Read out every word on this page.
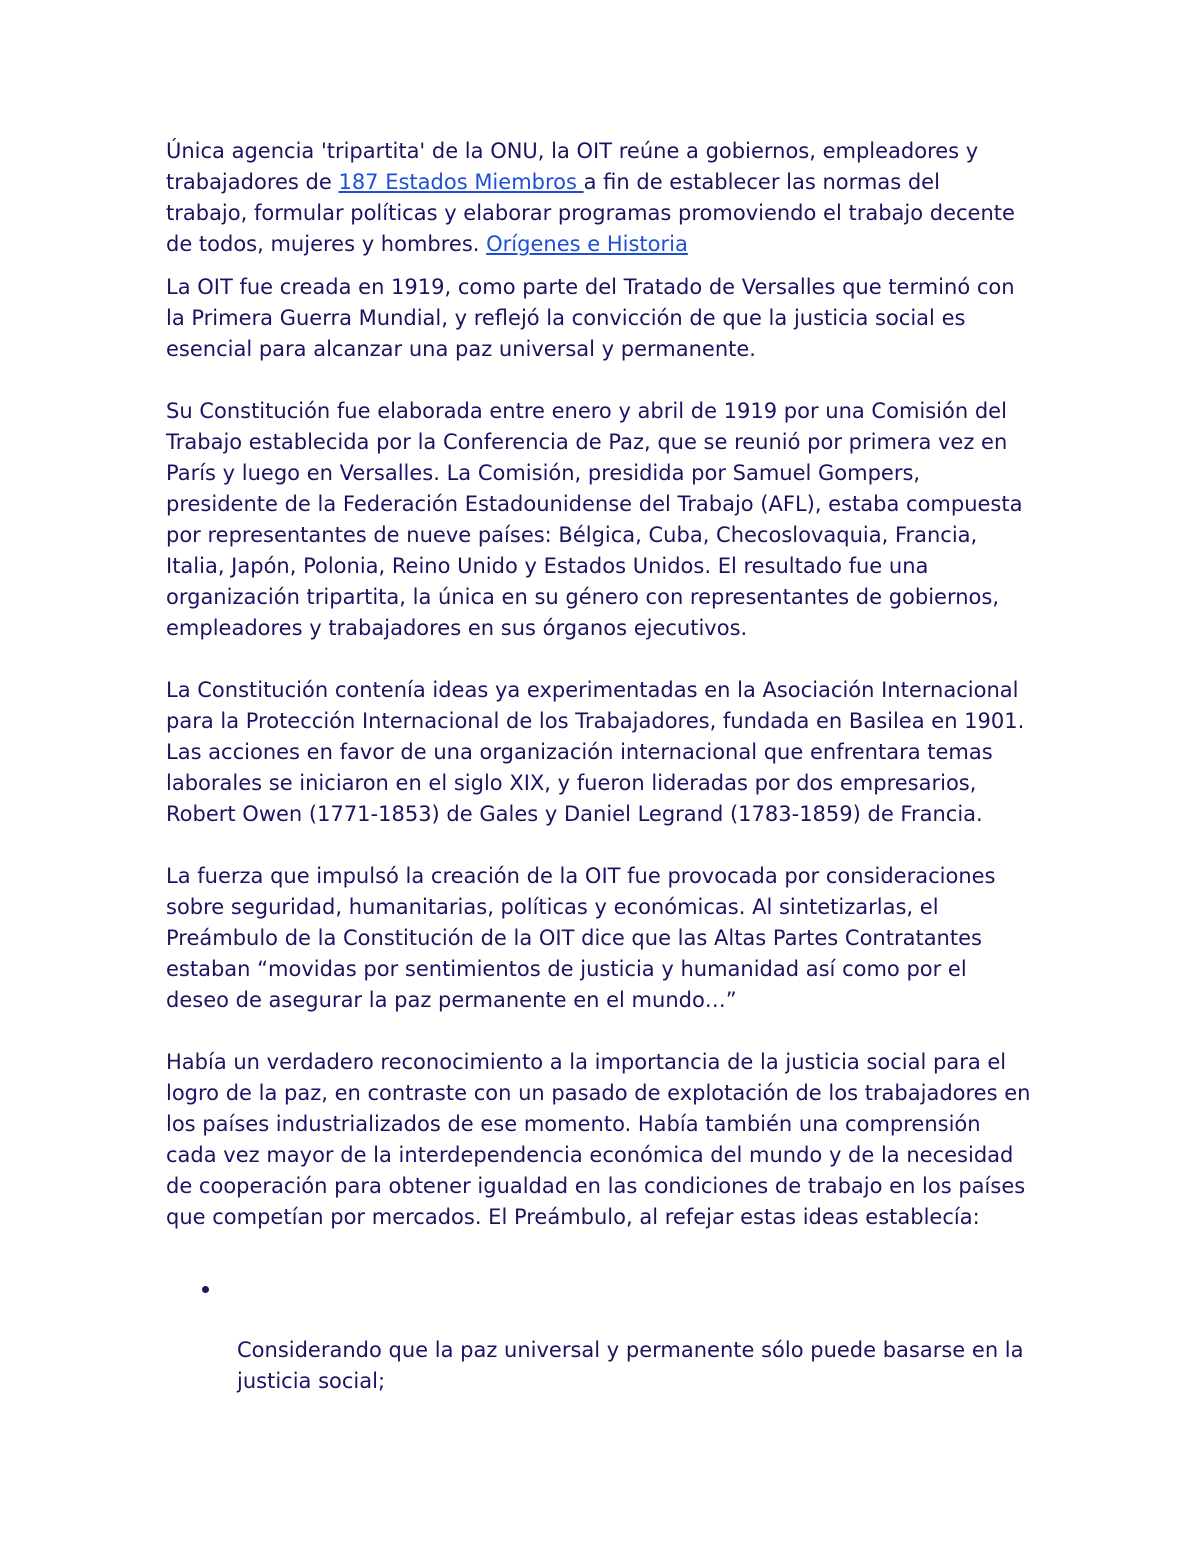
Única agencia 'tripartita' de la ONU, la OIT reúne a gobiernos, empleadores y
trabajadores de 187 Estados Miembros a fin de establecer las normas del
trabajo, formular políticas y elaborar programas promoviendo el trabajo decente
de todos, mujeres y hombres. Orígenes e Historia

La OIT fue creada en 1919, como parte del Tratado de Versalles que terminó con
la Primera Guerra Mundial, y reflejó la convicción de que la justicia social es
esencial para alcanzar una paz universal y permanente.

Su Constitución fue elaborada entre enero y abril de 1919 por una Comisión del
Trabajo establecida por la Conferencia de Paz, que se reunió por primera vez en
París y luego en Versalles. La Comisión, presidida por Samuel Gompers,
presidente de la Federación Estadounidense del Trabajo (AFL), estaba compuesta
por representantes de nueve países: Bélgica, Cuba, Checoslovaquia, Francia,
Italia, Japón, Polonia, Reino Unido y Estados Unidos. El resultado fue una
organización tripartita, la única en su género con representantes de gobiernos,
empleadores y trabajadores en sus órganos ejecutivos.

La Constitución contenía ideas ya experimentadas en la Asociación Internacional
para la Protección Internacional de los Trabajadores, fundada en Basilea en 1901.
Las acciones en favor de una organización internacional que enfrentara temas
laborales se iniciaron en el siglo XIX, y fueron lideradas por dos empresarios,
Robert Owen (1771-1853) de Gales y Daniel Legrand (1783-1859) de Francia.

La fuerza que impulsó la creación de la OIT fue provocada por consideraciones
sobre seguridad, humanitarias, políticas y económicas. Al sintetizarlas, el
Preámbulo de la Constitución de la OIT dice que las Altas Partes Contratantes
estaban “movidas por sentimientos de justicia y humanidad así como por el
deseo de asegurar la paz permanente en el mundo…”

Había un verdadero reconocimiento a la importancia de la justicia social para el
logro de la paz, en contraste con un pasado de explotación de los trabajadores en
los países industrializados de ese momento. Había también una comprensión
cada vez mayor de la interdependencia económica del mundo y de la necesidad
de cooperación para obtener igualdad en las condiciones de trabajo en los países
que competían por mercados. El Preámbulo, al refejar estas ideas establecía:

Considerando que la paz universal y permanente sólo puede basarse en la
justicia social;
